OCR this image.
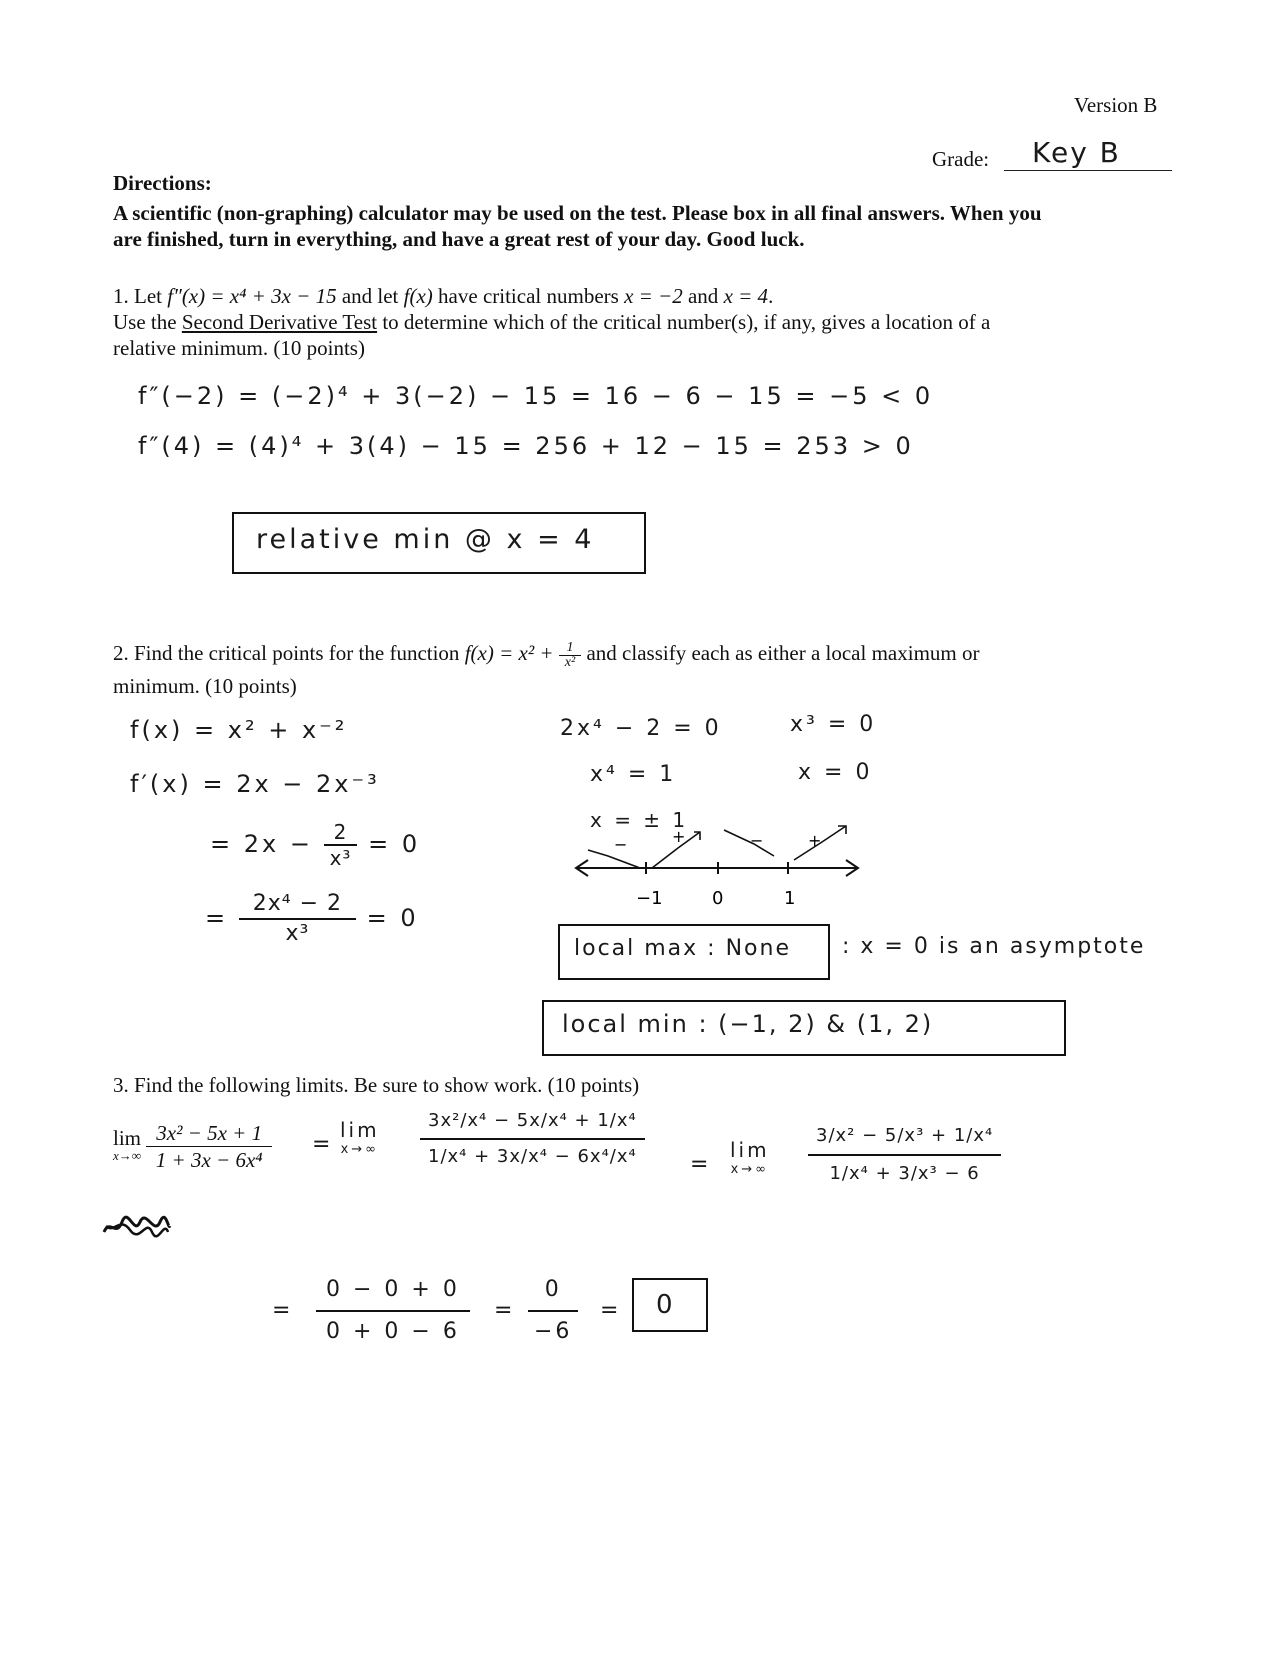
Version B
Grade: Key B
Directions:
A scientific (non-graphing) calculator may be used on the test. Please box in all final answers. When you
are finished, turn in everything, and have a great rest of your day. Good luck.
1. Let f″(x) = x⁴ + 3x − 15 and let f(x) have critical numbers x = −2 and x = 4.
Use the Second Derivative Test to determine which of the critical number(s), if any, gives a location of a
relative minimum. (10 points)
f″(−2) = (−2)⁴ + 3(−2) − 15 = 16 − 6 − 15 = −5 < 0
f″(4) = (4)⁴ + 3(4) − 15 = 256 + 12 − 15 = 253 > 0
relative min @ x = 4
2. Find the critical points for the function $f(x) = x^2 + \frac{1}{\text{x²}}$ and classify each as either a local maximum or
minimum. (10 points)
f(x) = x² + x⁻²
f′(x) = 2x − 2x⁻³
= $2x - \frac{2}{\text{x³}} = 0$
= $\frac{\text{2x⁴ − 2}}{\text{x³}} = 0$
2x⁴ − 2 = 0
x⁴ = 1
x = ± 1
x³ = 0
x = 0
−	+	−	+
−1	0	1
local max : None : x = 0 is an asymptote
local min : (−1, 2) & (1, 2)
3. Find the following limits. Be sure to show work. (10 points)
lim
x→∞
$\frac{\text{3x² − 5x + 1}}{\text{1 + 3x − 6x⁴}}$ =
lim
$x\to\infty \frac{\text{3x²/x⁴ − 5x/x⁴ + 1/x⁴}}{\text{1/x⁴ + 3x/x⁴ − 6x⁴/x⁴}}$ =
lim
$x\to\infty \frac{\text{3/x² − 5/x³ + 1/x⁴}}{\text{1/x⁴ + 3/x³ − 6}}$
= $\frac{0 - 0 + 0}{0 + 0 - 6} = \frac{0}{-6} = 0$
